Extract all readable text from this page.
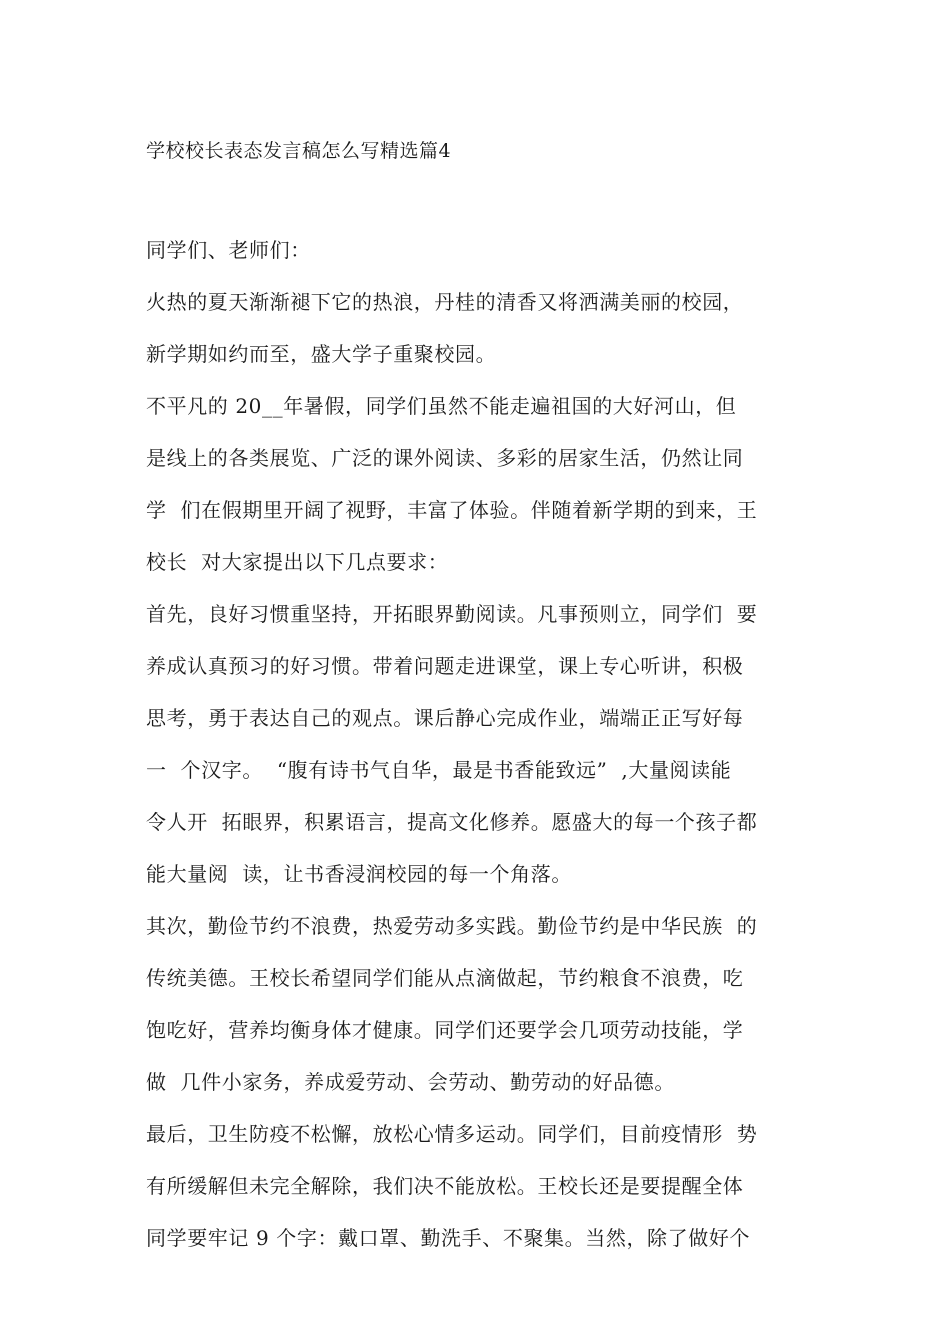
学校校长表态发言稿怎么写精选篇4
同学们、老师们：
火热的夏天渐渐褪下它的热浪，丹桂的清香又将洒满美丽的校园，
新学期如约而至，盛大学子重聚校园。
不平凡的 20__年暑假，同学们虽然不能走遍祖国的大好河山，但
是线上的各类展览、广泛的课外阅读、多彩的居家生活，仍然让同
学  们在假期里开阔了视野，丰富了体验。伴随着新学期的到来，王
校长  对大家提出以下几点要求：
首先，良好习惯重坚持，开拓眼界勤阅读。凡事预则立，同学们  要
养成认真预习的好习惯。带着问题走进课堂，课上专心听讲，积极
思考，勇于表达自己的观点。课后静心完成作业，端端正正写好每
一  个汉字。  “腹有诗书气自华，最是书香能致远”  ,大量阅读能
令人开  拓眼界，积累语言，提高文化修养。愿盛大的每一个孩子都
能大量阅  读，让书香浸润校园的每一个角落。
其次，勤俭节约不浪费，热爱劳动多实践。勤俭节约是中华民族  的
传统美德。王校长希望同学们能从点滴做起，节约粮食不浪费，吃
饱吃好，营养均衡身体才健康。同学们还要学会几项劳动技能，学
做  几件小家务，养成爱劳动、会劳动、勤劳动的好品德。
最后，卫生防疫不松懈，放松心情多运动。同学们，目前疫情形  势
有所缓解但未完全解除，我们决不能放松。王校长还是要提醒全体
同学要牢记 9 个字：戴口罩、勤洗手、不聚集。当然，除了做好个
